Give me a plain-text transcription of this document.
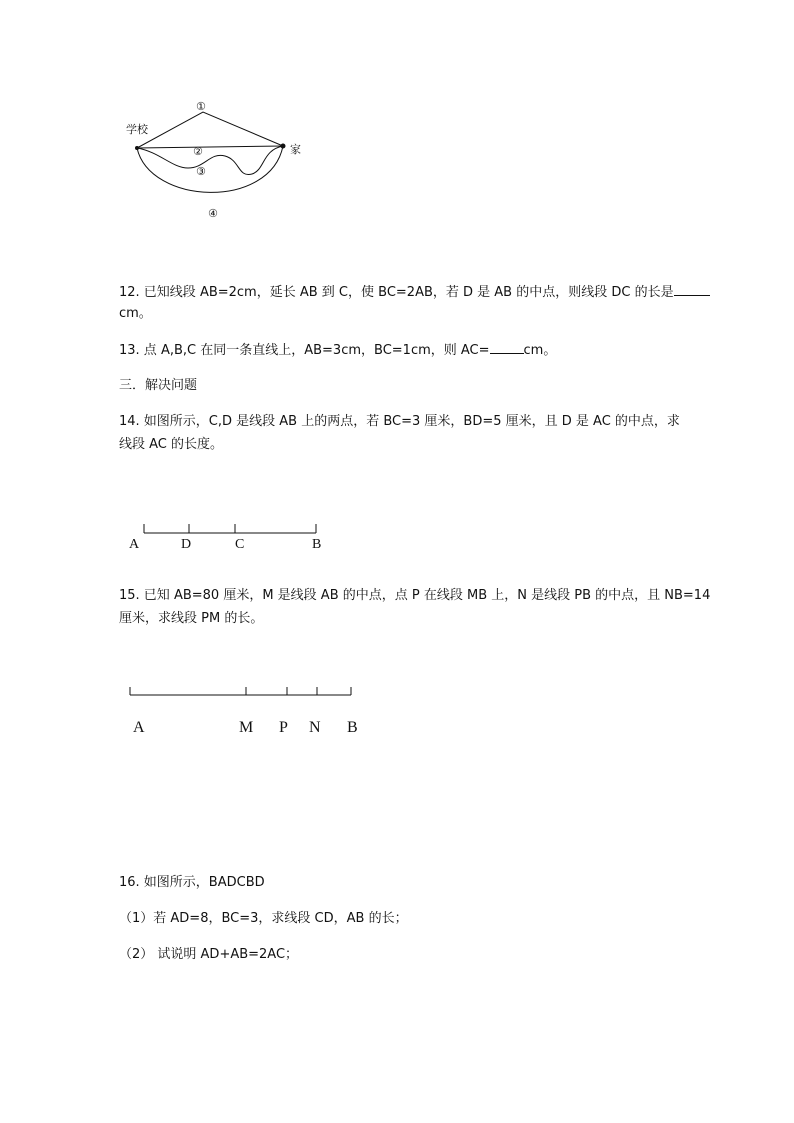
学校
家
①
②
③
④
12. 已知线段 AB=2cm，延长 AB 到 C，使 BC=2AB，若 D 是 AB 的中点，则线段 DC 的长是
cm。
13. 点 A,B,C 在同一条直线上，AB=3cm，BC=1cm，则 AC=	cm。
三．解决问题
14. 如图所示，C,D 是线段 AB 上的两点，若 BC=3 厘米，BD=5 厘米，且 D 是 AC 的中点，求
线段 AC 的长度。
A	D	C	B
15. 已知 AB=80 厘米，M 是线段 AB 的中点，点 P 在线段 MB 上，N 是线段 PB 的中点，且 NB=14
厘米，求线段 PM 的长。
A	M P N B
16. 如图所示，BADCBD
（1）若 AD=8，BC=3，求线段 CD，AB 的长；
（2） 试说明 AD+AB=2AC；
